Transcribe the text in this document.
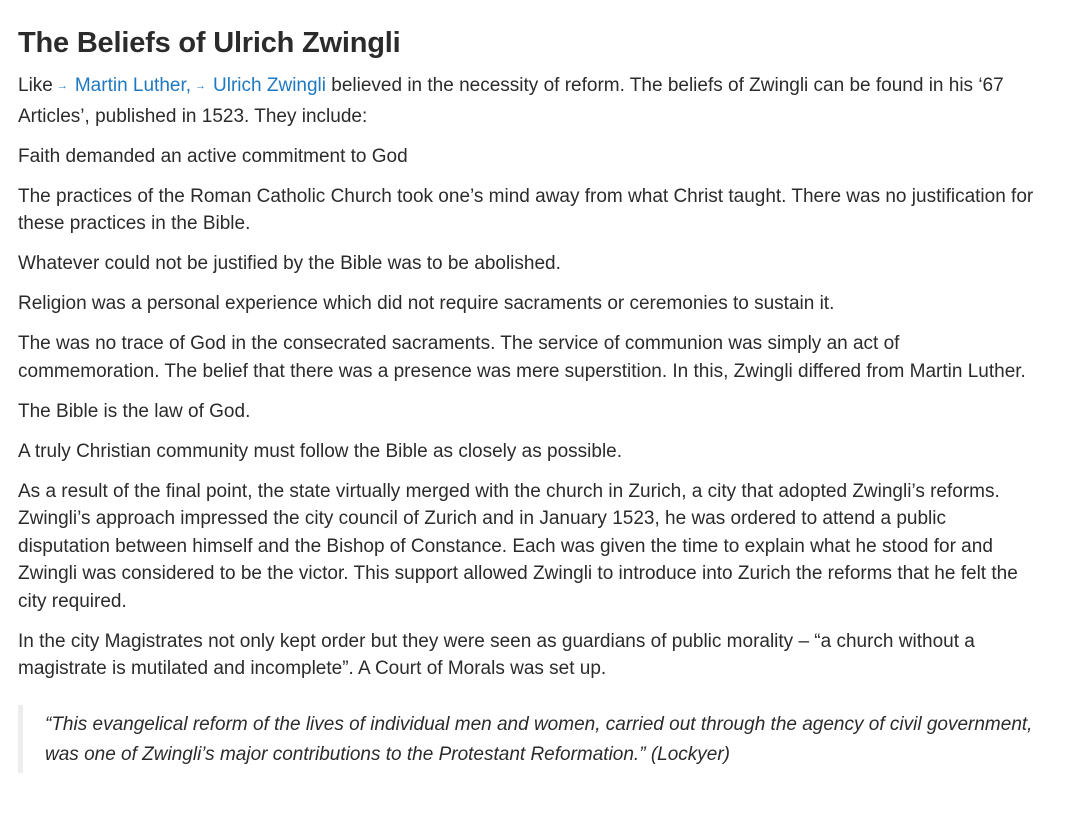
The Beliefs of Ulrich Zwingli

Like → Martin Luther, → Ulrich Zwingli believed in the necessity of reform. The beliefs of Zwingli can be found in his ‘67 Articles’, published in 1523. They include:

Faith demanded an active commitment to God

The practices of the Roman Catholic Church took one’s mind away from what Christ taught. There was no justification for these practices in the Bible.

Whatever could not be justified by the Bible was to be abolished.

Religion was a personal experience which did not require sacraments or ceremonies to sustain it.

The was no trace of God in the consecrated sacraments. The service of communion was simply an act of commemoration. The belief that there was a presence was mere superstition. In this, Zwingli differed from Martin Luther.

The Bible is the law of God.

A truly Christian community must follow the Bible as closely as possible.

As a result of the final point, the state virtually merged with the church in Zurich, a city that adopted Zwingli’s reforms. Zwingli’s approach impressed the city council of Zurich and in January 1523, he was ordered to attend a public disputation between himself and the Bishop of Constance. Each was given the time to explain what he stood for and Zwingli was considered to be the victor. This support allowed Zwingli to introduce into Zurich the reforms that he felt the city required.

In the city Magistrates not only kept order but they were seen as guardians of public morality – “a church without a magistrate is mutilated and incomplete”. A Court of Morals was set up.

“This evangelical reform of the lives of individual men and women, carried out through the agency of civil government, was one of Zwingli’s major contributions to the Protestant Reformation.” (Lockyer)
